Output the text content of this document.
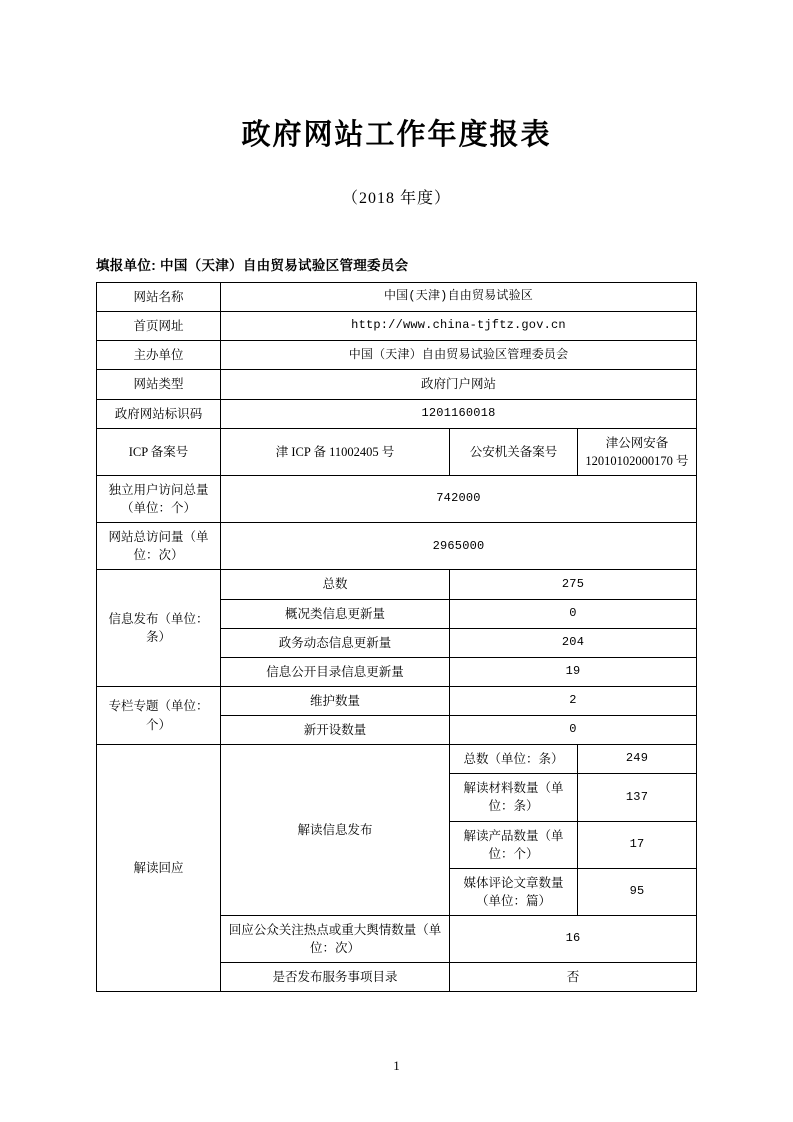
政府网站工作年度报表
（2018 年度）
填报单位: 中国（天津）自由贸易试验区管理委员会
网站名称	中国(天津)自由贸易试验区		
首页网址	http://www.china-tjftz.gov.cn		
主办单位	中国（天津）自由贸易试验区管理委员会		
网站类型	政府门户网站		
政府网站标识码	1201160018		
ICP 备案号	津 ICP 备 11002405 号	公安机关备案号	津公网安备 12010102000170 号
独立用户访问总量（单位：个）	742000		
网站总访问量（单位：次）	2965000		
信息发布（单位：条）	总数	275	
	概况类信息更新量	0	
	政务动态信息更新量	204	
	信息公开目录信息更新量	19	
专栏专题（单位：个）	维护数量	2	
	新开设数量	0	
解读回应	解读信息发布	总数（单位：条）	249
		解读材料数量（单位：条）	137
		解读产品数量（单位：个）	17
		媒体评论文章数量（单位：篇）	95
	回应公众关注热点或重大舆情数量（单位：次）	16	
	是否发布服务事项目录	否	
1
